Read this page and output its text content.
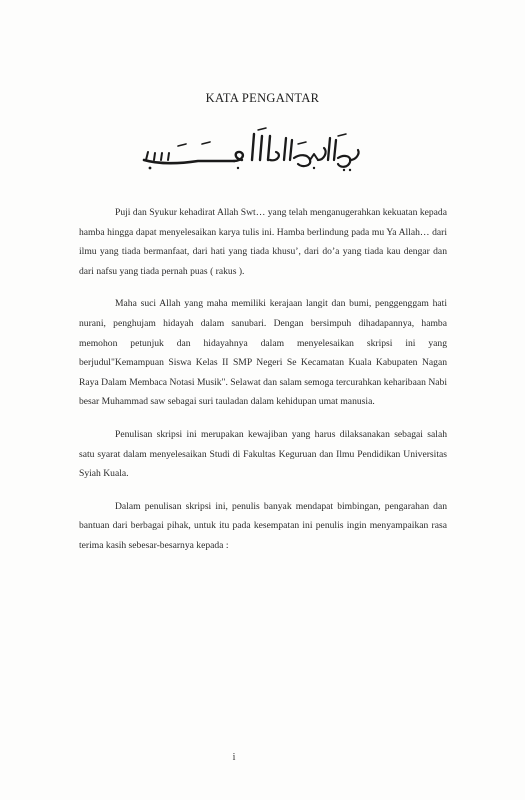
KATA PENGANTAR

Puji dan Syukur kehadirat Allah Swt… yang telah menganugerahkan kekuatan kepada hamba hingga dapat menyelesaikan karya tulis ini. Hamba berlindung pada mu Ya Allah… dari ilmu yang tiada bermanfaat, dari hati yang tiada khusu’, dari do’a yang tiada kau dengar dan dari nafsu yang tiada pernah puas ( rakus ).

Maha suci Allah yang maha memiliki kerajaan langit dan bumi, penggenggam hati nurani, penghujam hidayah dalam sanubari. Dengan bersimpuh dihadapannya, hamba memohon petunjuk dan hidayahnya dalam menyelesaikan skripsi ini yang berjudul"Kemampuan Siswa Kelas II SMP Negeri Se Kecamatan Kuala Kabupaten Nagan Raya Dalam Membaca Notasi Musik". Selawat dan salam semoga tercurahkan keharibaan Nabi besar Muhammad saw sebagai suri tauladan dalam kehidupan umat manusia.

Penulisan skripsi ini merupakan kewajiban yang harus dilaksanakan sebagai salah satu syarat dalam menyelesaikan Studi di Fakultas Keguruan dan Ilmu Pendidikan Universitas Syiah Kuala.

Dalam penulisan skripsi ini, penulis banyak mendapat bimbingan, pengarahan dan bantuan dari berbagai pihak, untuk itu pada kesempatan ini penulis ingin menyampaikan rasa terima kasih sebesar-besarnya kepada :

i
